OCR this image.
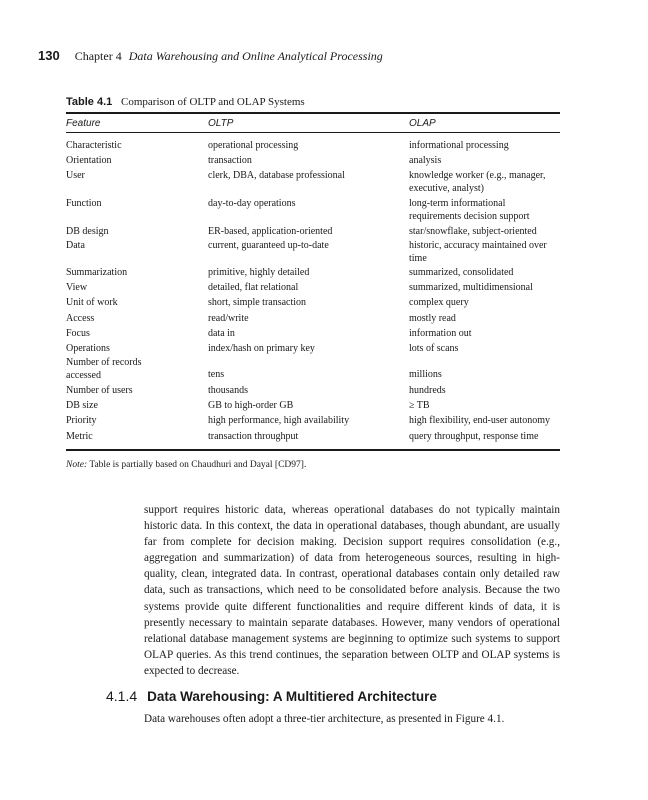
130 Chapter 4 Data Warehousing and Online Analytical Processing
Table 4.1 Comparison of OLTP and OLAP Systems
Feature	OLTP	OLAP
Characteristic	operational processing	informational processing
Orientation	transaction	analysis
User	clerk, DBA, database professional	knowledge worker (e.g., manager, executive, analyst)
Function	day-to-day operations	long-term informational requirements decision support
DB design	ER-based, application-oriented	star/snowflake, subject-oriented
Data	current, guaranteed up-to-date	historic, accuracy maintained over time
Summarization	primitive, highly detailed	summarized, consolidated
View	detailed, flat relational	summarized, multidimensional
Unit of work	short, simple transaction	complex query
Access	read/write	mostly read
Focus	data in	information out
Operations	index/hash on primary key	lots of scans
Number of records accessed	tens	millions
Number of users	thousands	hundreds
DB size	GB to high-order GB	≥ TB
Priority	high performance, high availability	high flexibility, end-user autonomy
Metric	transaction throughput	query throughput, response time
Note: Table is partially based on Chaudhuri and Dayal [CD97].

support requires historic data, whereas operational databases do not typically maintain historic data. In this context, the data in operational databases, though abundant, are usually far from complete for decision making. Decision support requires consolidation (e.g., aggregation and summarization) of data from heterogeneous sources, resulting in high-quality, clean, integrated data. In contrast, operational databases contain only detailed raw data, such as transactions, which need to be consolidated before analysis. Because the two systems provide quite different functionalities and require different kinds of data, it is presently necessary to maintain separate databases. However, many vendors of operational relational database management systems are beginning to optimize such systems to support OLAP queries. As this trend continues, the separation between OLTP and OLAP systems is expected to decrease.

4.1.4 Data Warehousing: A Multitiered Architecture

Data warehouses often adopt a three-tier architecture, as presented in Figure 4.1.
